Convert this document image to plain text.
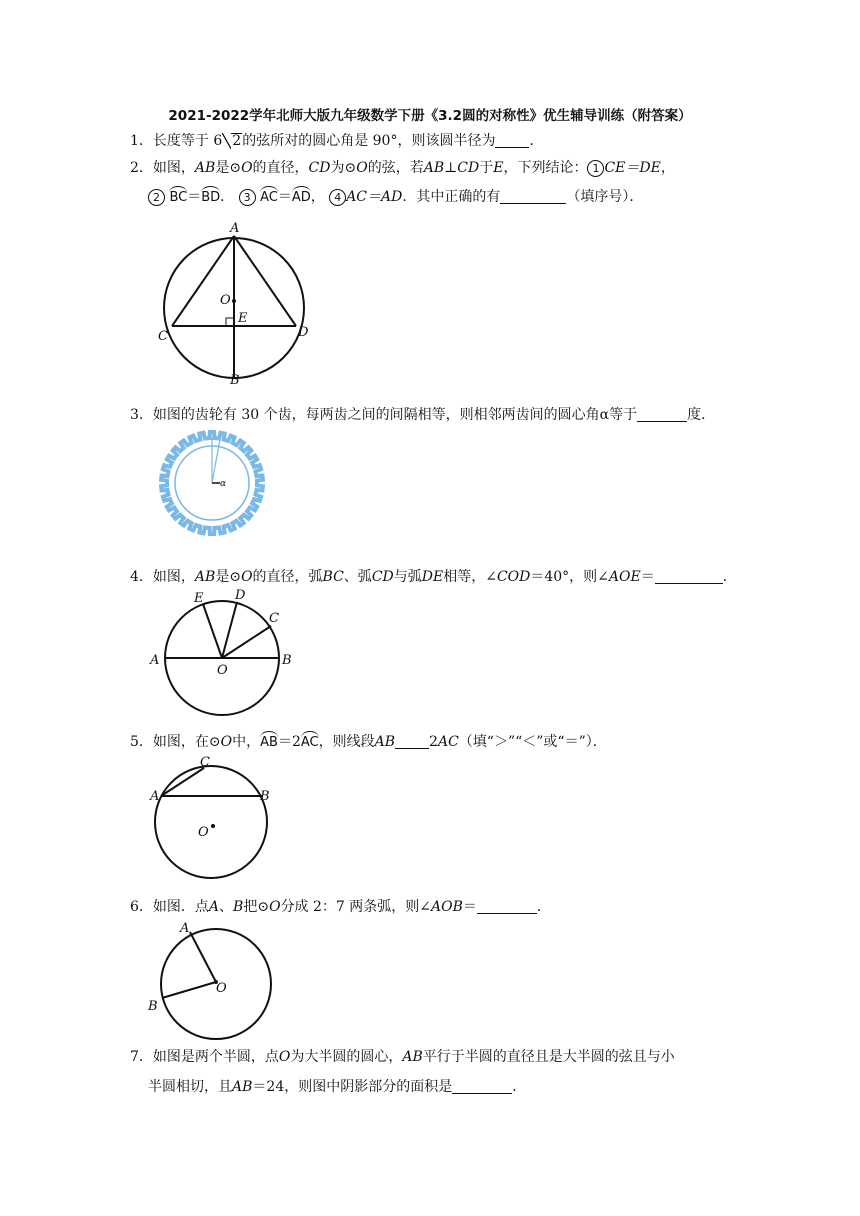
2021-2022学年北师大版九年级数学下册《3.2圆的对称性》优生辅导训练（附答案）
1．长度等于 6 2的弦所对的圆心角是 90°，则该圆半径为 ．
2．如图，AB是⊙O的直径，CD为⊙O的弦，若AB⊥CD于E，下列结论： 1 CE＝DE，
2 BC＝BD． 3 AC＝AD， 4 AC＝AD．其中正确的有	（填序号）．
A
B
C	D
O
E
3．如图的齿轮有 30 个齿，每两齿之间的间隔相等，则相邻两齿间的圆心角α等于	度．
α
4．如图，AB是⊙O的直径，弧BC、弧CD与弧DE相等，∠COD＝40°，则∠AOE＝	．
A	B
C
D
E
O
5．如图，在⊙O中，AB＝2AC，则线段AB 2AC（填“＞”“＜”或“＝”）．
A	B
C
O
6．如图．点A、B把⊙O分成 2：7 两条弧，则∠AOB＝	．
A
B
O
7．如图是两个半圆，点O为大半圆的圆心，AB平行于半圆的直径且是大半圆的弦且与小
半圆相切，且AB＝24，则图中阴影部分的面积是	．
